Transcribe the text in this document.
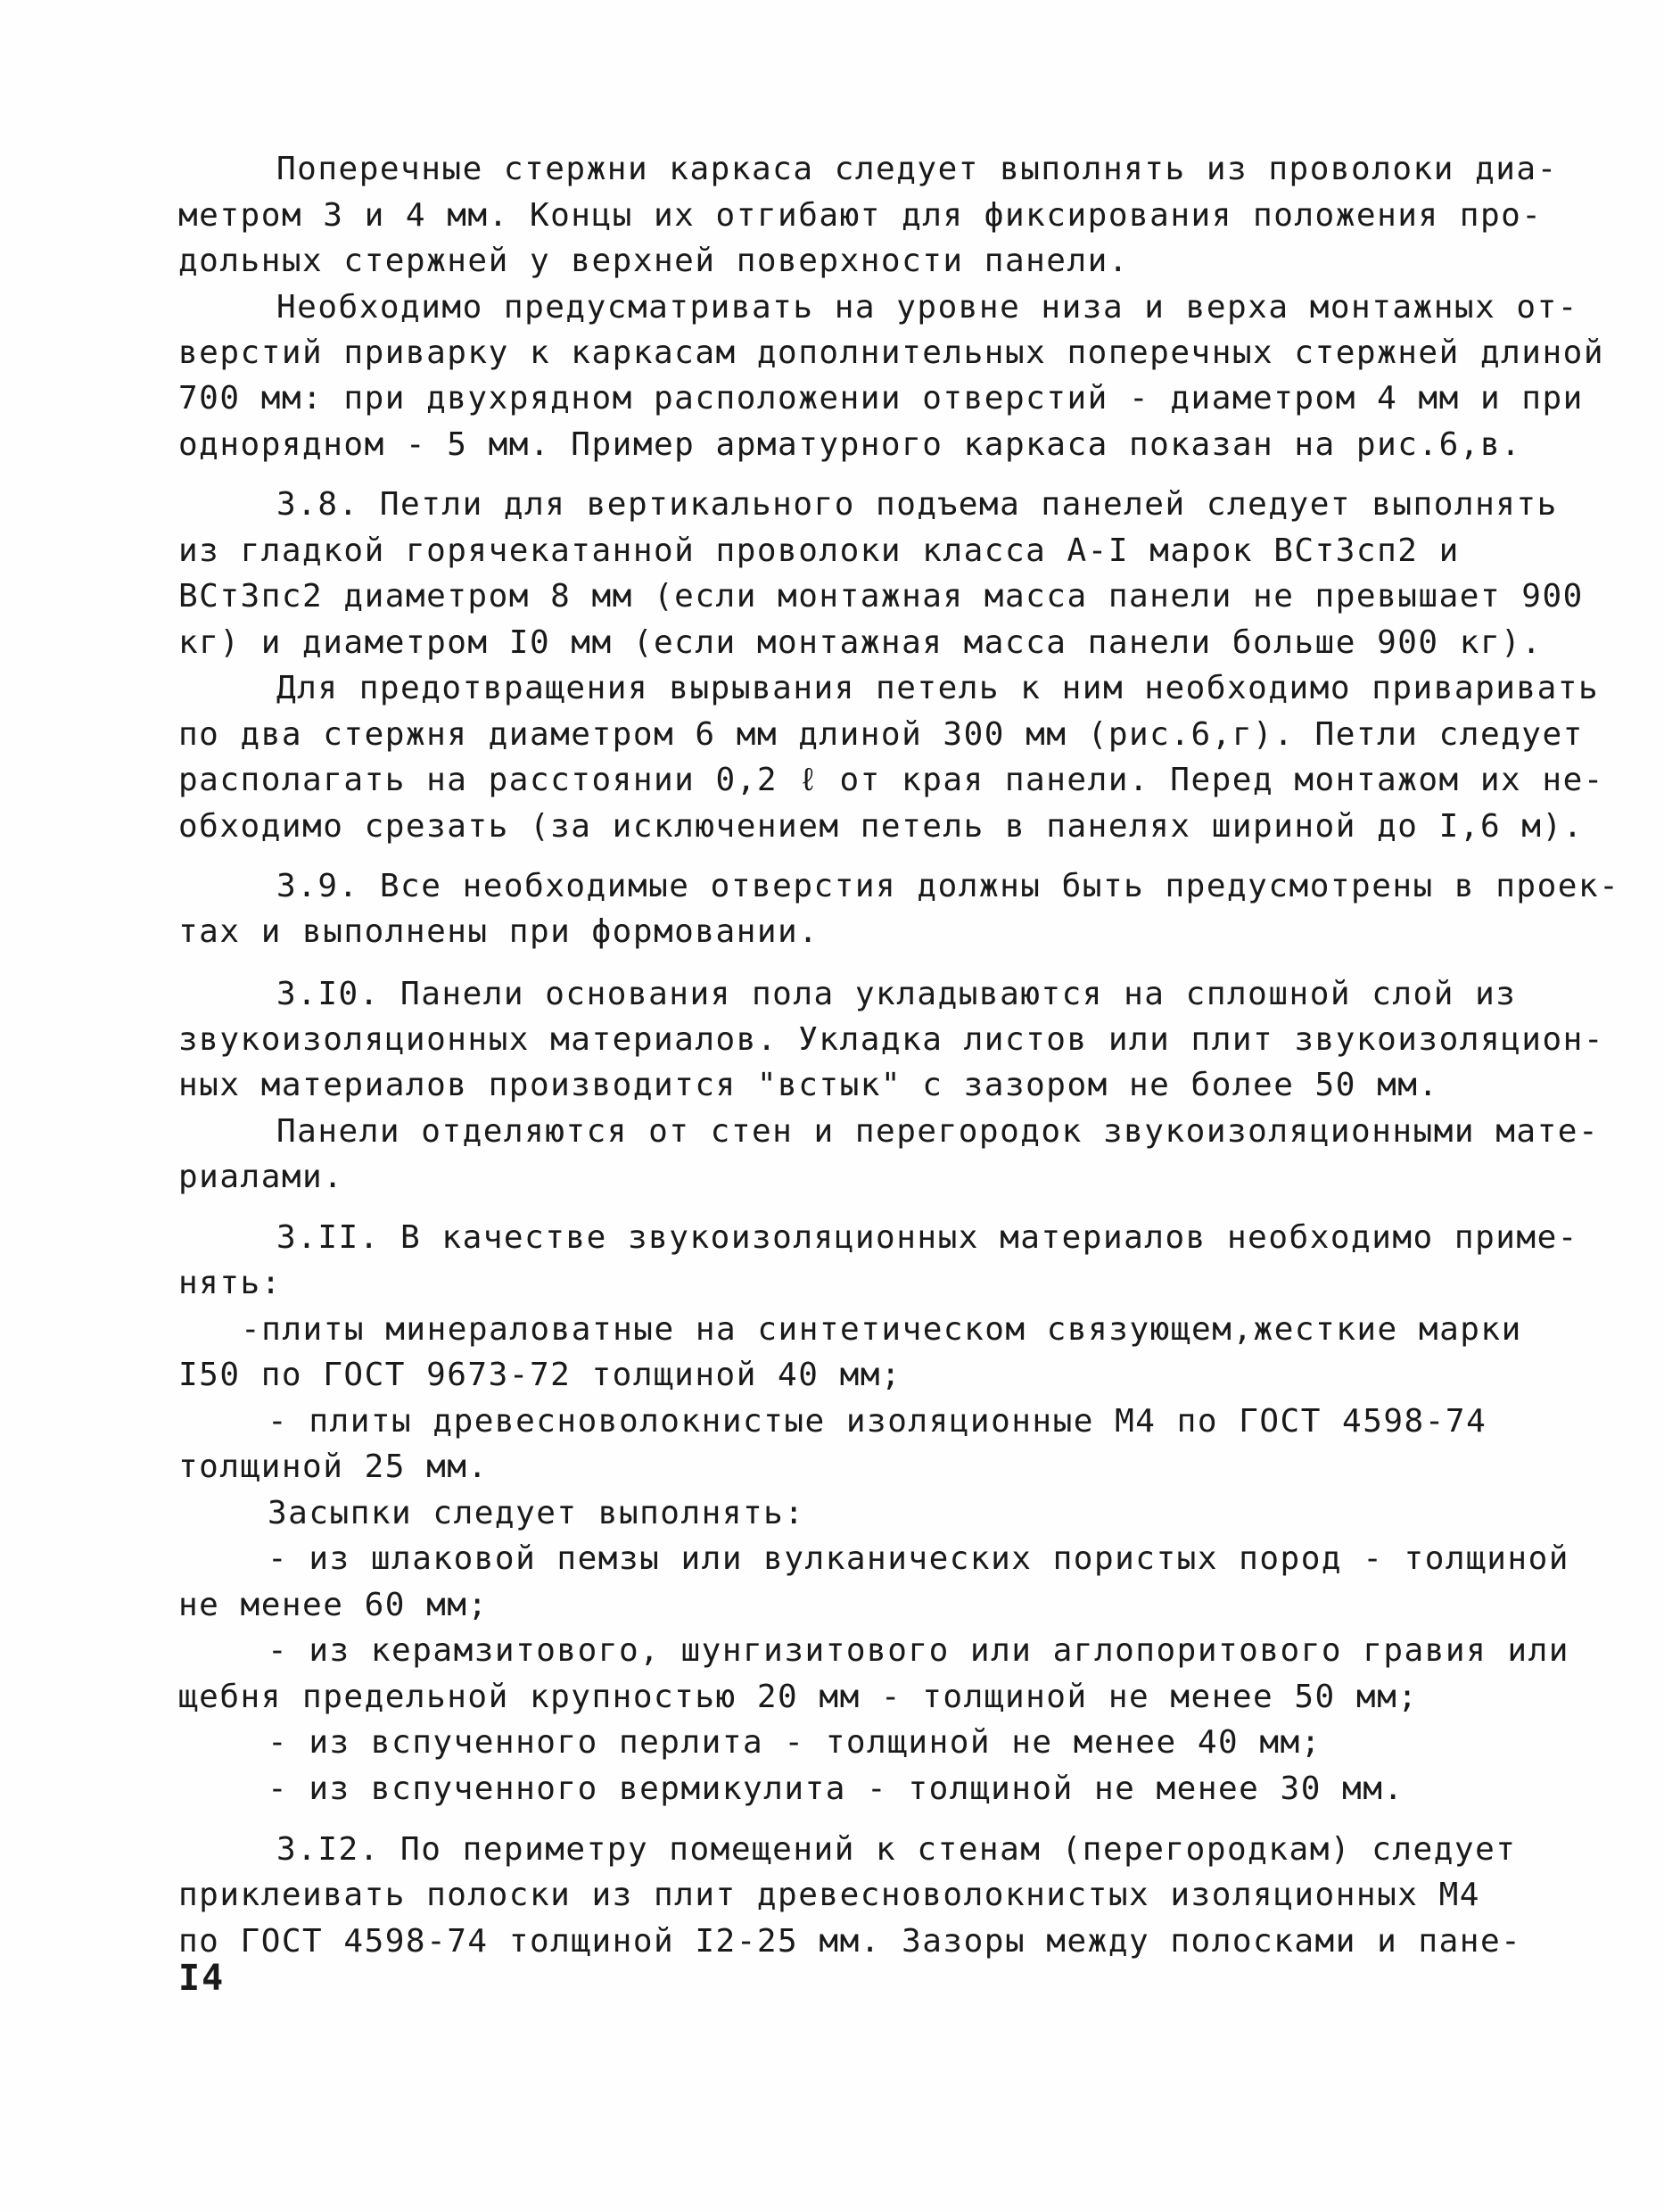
Поперечные стержни каркаса следует выполнять из проволоки диа-
метром 3 и 4 мм. Концы их отгибают для фиксирования положения про-
дольных стержней у верхней поверхности панели.
Необходимо предусматривать на уровне низа и верха монтажных от-
верстий приварку к каркасам дополнительных поперечных стержней длиной
700 мм: при двухрядном расположении отверстий - диаметром 4 мм и при
однорядном - 5 мм. Пример арматурного каркаса показан на рис.6,в.
3.8. Петли для вертикального подъема панелей следует выполнять
из гладкой горячекатанной проволоки класса А-I марок ВСт3сп2 и
ВСт3пс2 диаметром 8 мм (если монтажная масса панели не превышает 900
кг) и диаметром I0 мм (если монтажная масса панели больше 900 кг).
Для предотвращения вырывания петель к ним необходимо приваривать
по два стержня диаметром 6 мм длиной 300 мм (рис.6,г). Петли следует
располагать на расстоянии 0,2 ℓ от края панели. Перед монтажом их не-
обходимо срезать (за исключением петель в панелях шириной до I,6 м).
3.9. Все необходимые отверстия должны быть предусмотрены в проек-
тах и выполнены при формовании.
3.I0. Панели основания пола укладываются на сплошной слой из
звукоизоляционных материалов. Укладка листов или плит звукоизоляцион-
ных материалов производится "встык" с зазором не более 50 мм.
Панели отделяются от стен и перегородок звукоизоляционными мате-
риалами.
3.II. В качестве звукоизоляционных материалов необходимо приме-
нять:
-плиты минераловатные на синтетическом связующем,жесткие марки
I50 по ГОСТ 9673-72 толщиной 40 мм;
- плиты древесноволокнистые изоляционные М4 по ГОСТ 4598-74
толщиной 25 мм.
Засыпки следует выполнять:
- из шлаковой пемзы или вулканических пористых пород - толщиной
не менее 60 мм;
- из керамзитового, шунгизитового или аглопоритового гравия или
щебня предельной крупностью 20 мм - толщиной не менее 50 мм;
- из вспученного перлита - толщиной не менее 40 мм;
- из вспученного вермикулита - толщиной не менее 30 мм.
3.I2. По периметру помещений к стенам (перегородкам) следует
приклеивать полоски из плит древесноволокнистых изоляционных М4
по ГОСТ 4598-74 толщиной I2-25 мм. Зазоры между полосками и пане-
I4
